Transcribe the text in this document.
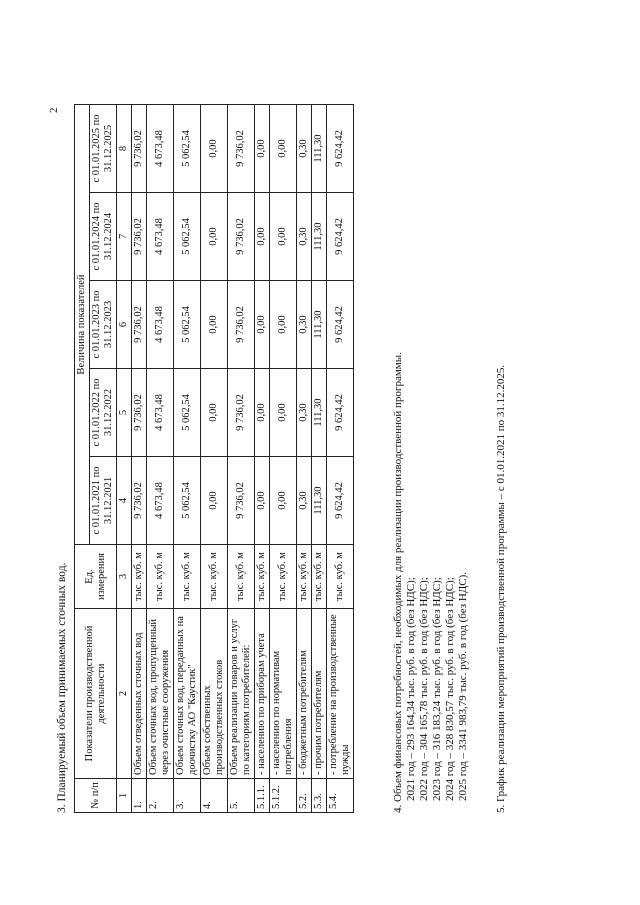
2
3. Планируемый объем принимаемых сточных вод. № п/п	Показатели производственной деятельности	Ед. измерения	Величина показателей				
			с 01.01.2021 по 31.12.2021	с 01.01.2022 по 31.12.2022	с 01.01.2023 по 31.12.2023	с 01.01.2024 по 31.12.2024	с 01.01.2025 по 31.12.2025
1	2	3	4	5	6	7	8
1.	Объем отведенных сточных вод	тыс. куб. м	9 736,02	9 736,02	9 736,02	9 736,02	9 736,02
2.	Объем сточных вод, пропущенный через очистные сооружения	тыс. куб. м	4 673,48	4 673,48	4 673,48	4 673,48	4 673,48
3.	Объем сточных вод, переданных на доочистку АО "Каустик"	тыс. куб. м	5 062,54	5 062,54	5 062,54	5 062,54	5 062,54
4.	Объем собственных производственных стоков	тыс. куб. м	0,00	0,00	0,00	0,00	0,00
5.	Объем реализации товаров и услуг по категориям потребителей:	тыс. куб. м	9 736,02	9 736,02	9 736,02	9 736,02	9 736,02
5.1.1.	- населению по приборам учета	тыс. куб. м	0,00	0,00	0,00	0,00	0,00
5.1.2.	- населению по нормативам потребления	тыс. куб. м	0,00	0,00	0,00	0,00	0,00
5.2.	- бюджетным потребителям	тыс. куб. м	0,30	0,30	0,30	0,30	0,30
5.3.	- прочим потребителям	тыс. куб. м	111,30	111,30	111,30	111,30	111,30
5.4.	- потребление на производственные нужды	тыс. куб. м	9 624,42	9 624,42	9 624,42	9 624,42	9 624,42
4. Объем финансовых потребностей, необходимых для реализации производственной программы. 2021 год – 293 164,34 тыс. руб. в год (без НДС); 2022 год – 304 165,78 тыс. руб. в год (без НДС); 2023 год – 316 183,24 тыс. руб. в год (без НДС); 2024 год – 328 830,57 тыс. руб. в год (без НДС); 2025 год – 3341 983,79 тыс. руб. в год (без НДС). 5. График реализации мероприятий производственной программы – с 01.01.2021 по 31.12.2025.
